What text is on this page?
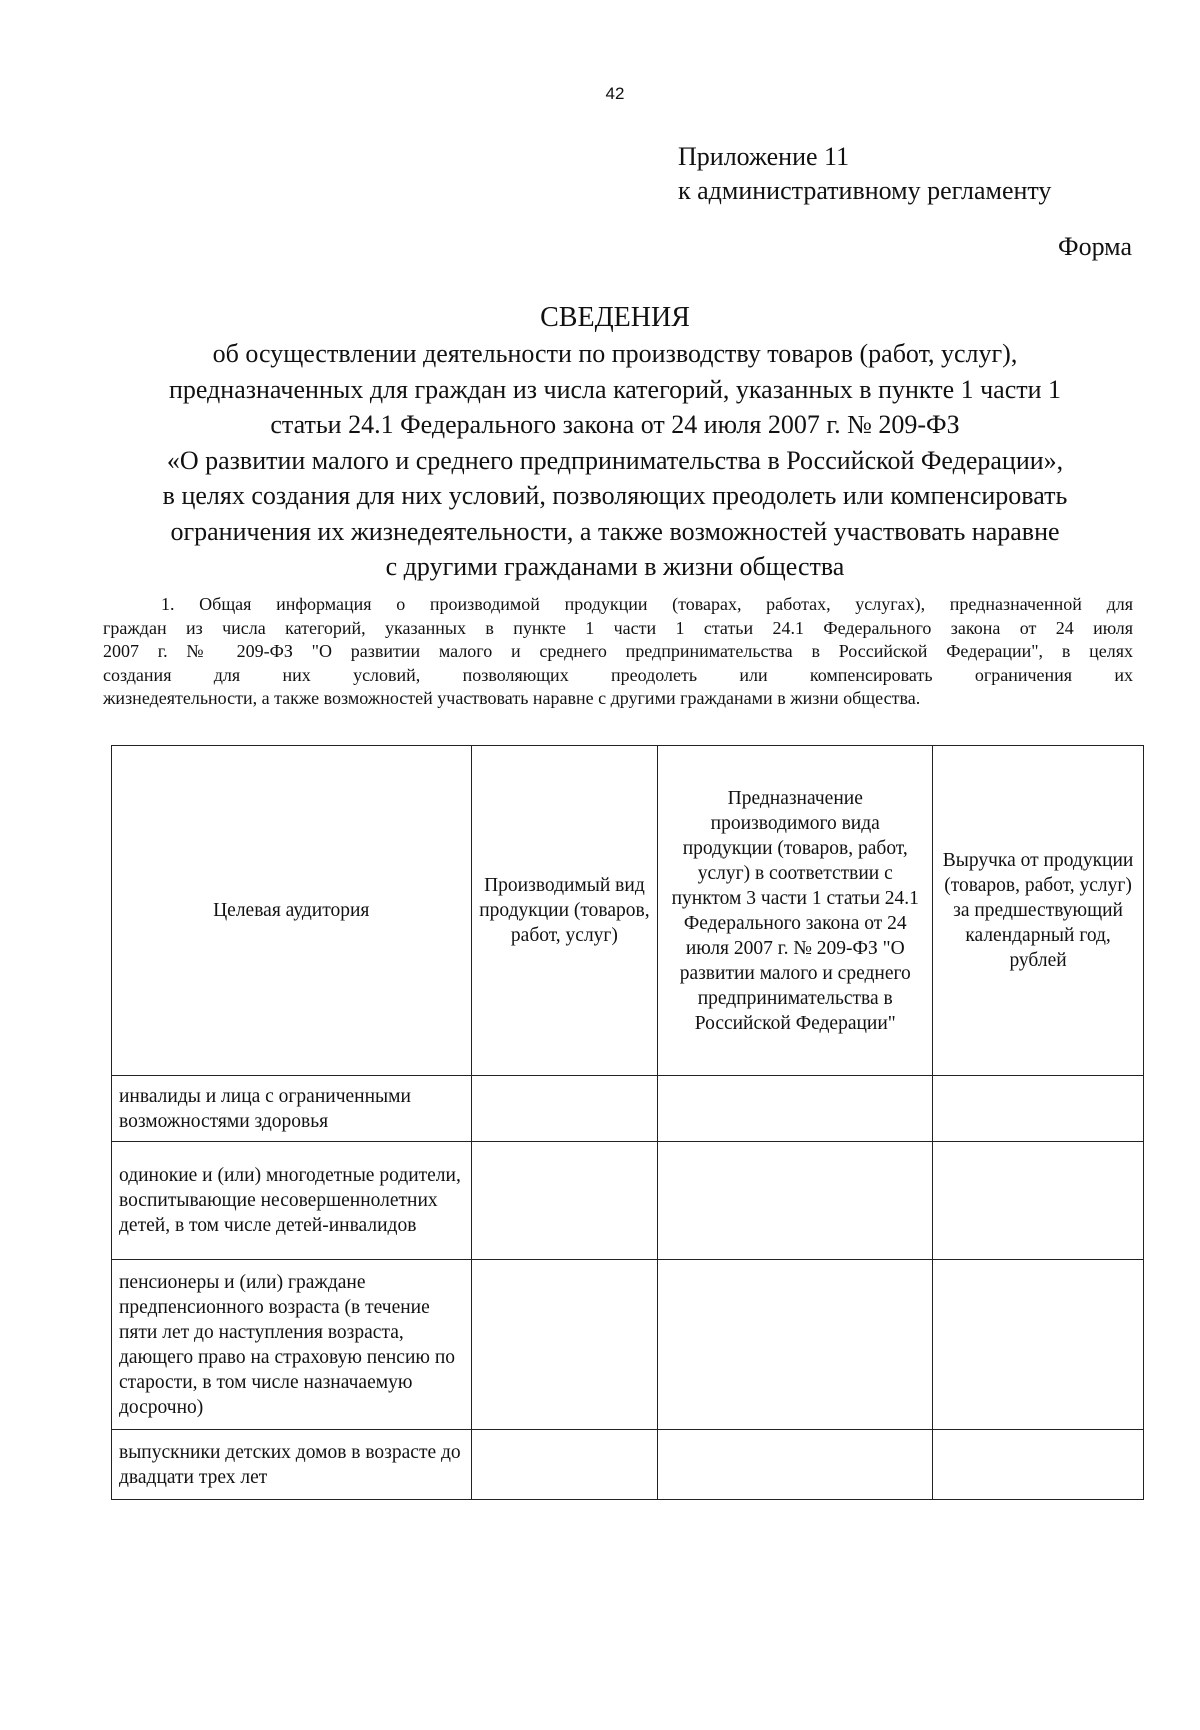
42
Приложение 11
к административному регламенту
Форма
СВЕДЕНИЯ
об осуществлении деятельности по производству товаров (работ, услуг),
предназначенных для граждан из числа категорий, указанных в пункте 1 части 1
статьи 24.1 Федерального закона от 24 июля 2007 г. № 209-ФЗ
«О развитии малого и среднего предпринимательства в Российской Федерации»,
в целях создания для них условий, позволяющих преодолеть или компенсировать
ограничения их жизнедеятельности, а также возможностей участвовать наравне
с другими гражданами в жизни общества
1. Общая информация о производимой продукции (товарах, работах, услугах), предназначенной для
граждан из числа категорий, указанных в пункте 1 части 1 статьи 24.1 Федерального закона от 24 июля
2007 г. № 209-ФЗ "О развитии малого и среднего предпринимательства в Российской Федерации", в целях
создания для них условий, позволяющих преодолеть или компенсировать ограничения их
жизнедеятельности, а также возможностей участвовать наравне с другими гражданами в жизни общества.
Целевая аудитория	Производимый вид продукции (товаров, работ, услуг)	Предназначение производимого вида продукции (товаров, работ, услуг) в соответствии с пунктом 3 части 1 статьи 24.1 Федерального закона от 24 июля 2007 г. № 209-ФЗ "О развитии малого и среднего предпринимательства в Российской Федерации"	Выручка от продукции (товаров, работ, услуг) за предшествующий календарный год, рублей
инвалиды и лица с ограниченными возможностями здоровья			
одинокие и (или) многодетные родители, воспитывающие несовершеннолетних детей, в том числе детей-инвалидов			
пенсионеры и (или) граждане предпенсионного возраста (в течение пяти лет до наступления возраста, дающего право на страховую пенсию по старости, в том числе назначаемую досрочно)			
выпускники детских домов в возрасте до двадцати трех лет			
